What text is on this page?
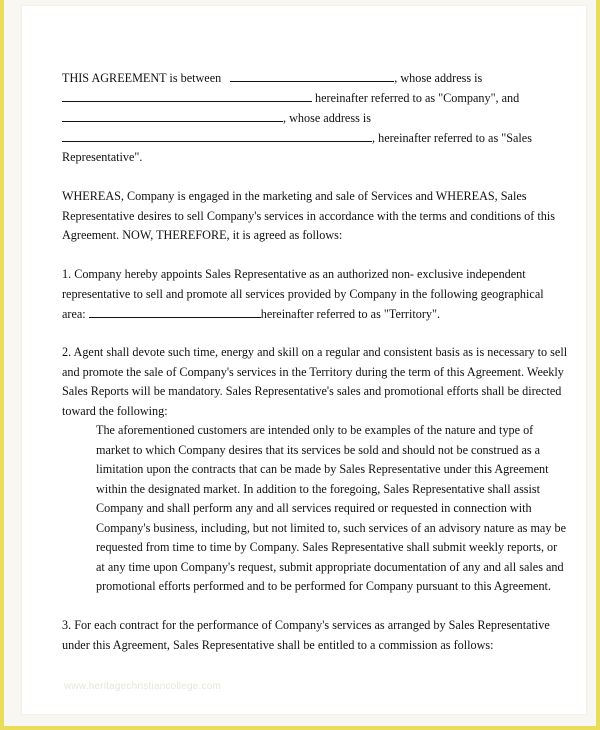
THIS AGREEMENT is between	, whose address is
hereinafter referred to as "Company", and
, whose address is
, hereinafter referred to as "Sales
Representative".
WHEREAS, Company is engaged in the marketing and sale of Services and WHEREAS, Sales
Representative desires to sell Company's services in accordance with the terms and conditions of this
Agreement. NOW, THEREFORE, it is agreed as follows:
1. Company hereby appoints Sales Representative as an authorized non- exclusive independent
representative to sell and promote all services provided by Company in the following geographical
area:	hereinafter referred to as "Territory".
2. Agent shall devote such time, energy and skill on a regular and consistent basis as is necessary to sell
and promote the sale of Company's services in the Territory during the term of this Agreement. Weekly
Sales Reports will be mandatory. Sales Representative's sales and promotional efforts shall be directed
toward the following:
The aforementioned customers are intended only to be examples of the nature and type of
market to which Company desires that its services be sold and should not be construed as a
limitation upon the contracts that can be made by Sales Representative under this Agreement
within the designated market. In addition to the foregoing, Sales Representative shall assist
Company and shall perform any and all services required or requested in connection with
Company's business, including, but not limited to, such services of an advisory nature as may be
requested from time to time by Company. Sales Representative shall submit weekly reports, or
at any time upon Company's request, submit appropriate documentation of any and all sales and
promotional efforts performed and to be performed for Company pursuant to this Agreement.
3. For each contract for the performance of Company's services as arranged by Sales Representative
under this Agreement, Sales Representative shall be entitled to a commission as follows:
www.heritagechristiancollege.com
